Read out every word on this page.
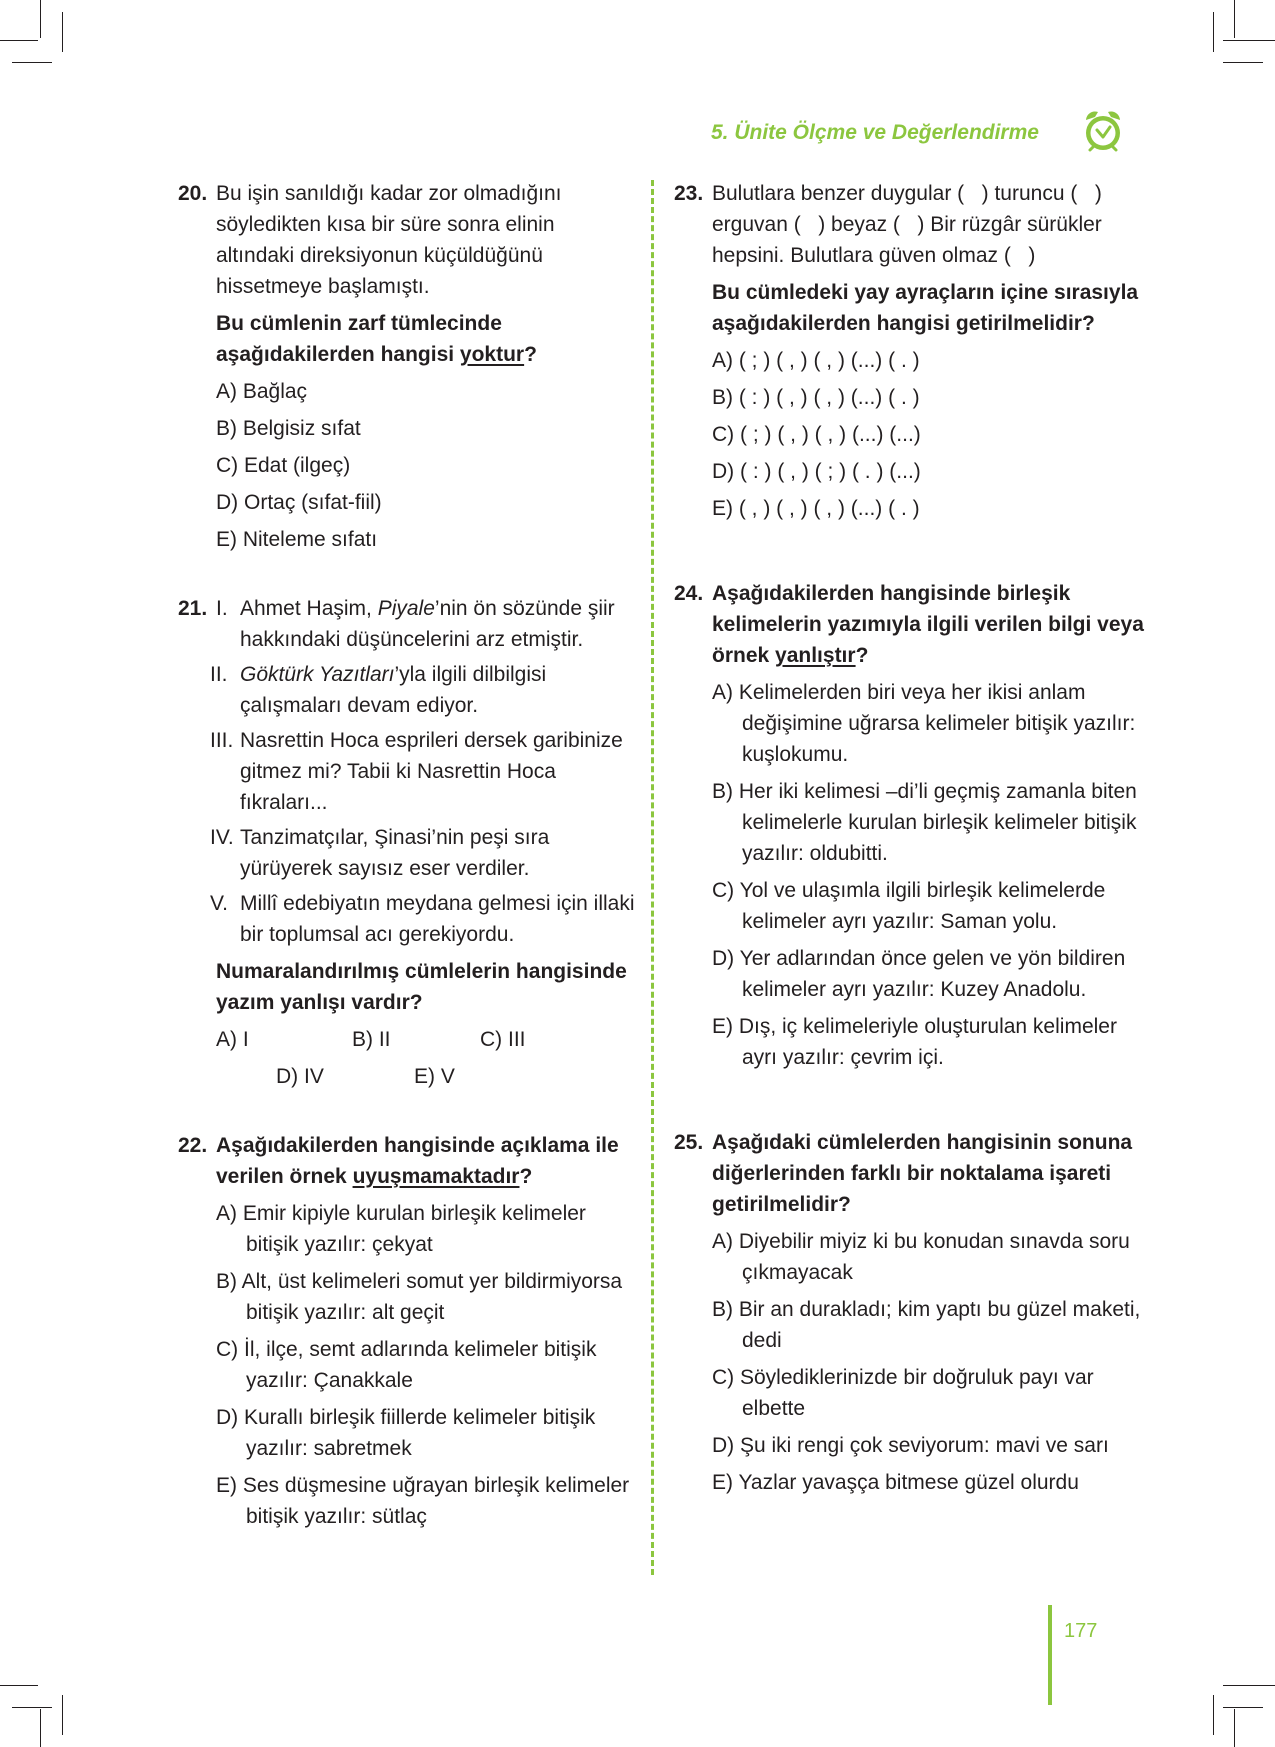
5. Ünite Ölçme ve Değerlendirme
20. Bu işin sanıldığı kadar zor olmadığını söyledikten kısa bir süre sonra elinin altındaki direksiyonun küçüldüğünü hissetmeye başlamıştı.

Bu cümlenin zarf tümlecinde aşağıdakilerden hangisi yoktur?

A) Bağlaç

B) Belgisiz sıfat

C) Edat (ilgeç)

D) Ortaç (sıfat-fiil)

E) Niteleme sıfatı

21. I. Ahmet Haşim, Piyale’nin ön sözünde şiir hakkındaki düşüncelerini arz etmiştir.

II. Göktürk Yazıtları’yla ilgili dilbilgisi çalışmaları devam ediyor.

III. Nasrettin Hoca esprileri dersek garibinize gitmez mi? Tabii ki Nasrettin Hoca fıkraları...

IV. Tanzimatçılar, Şinasi’nin peşi sıra yürüyerek sayısız eser verdiler.

V. Millî edebiyatın meydana gelmesi için illaki bir toplumsal acı gerekiyordu.

Numaralandırılmış cümlelerin hangisinde yazım yanlışı vardır?

A) I	B) II	C) III

D) IV	E) V

22. Aşağıdakilerden hangisinde açıklama ile verilen örnek uyuşmamaktadır?

A) Emir kipiyle kurulan birleşik kelimeler bitişik yazılır: çekyat

B) Alt, üst kelimeleri somut yer bildirmiyorsa bitişik yazılır: alt geçit

C) İl, ilçe, semt adlarında kelimeler bitişik yazılır: Çanakkale

D) Kurallı birleşik fiillerde kelimeler bitişik yazılır: sabretmek

E) Ses düşmesine uğrayan birleşik kelimeler bitişik yazılır: sütlaç

23. Bulutlara benzer duygular (   ) turuncu (   ) erguvan (   ) beyaz (   ) Bir rüzgâr sürükler hepsini. Bulutlara güven olmaz (   )

Bu cümledeki yay ayraçların içine sırasıyla aşağıdakilerden hangisi getirilmelidir?

A) ( ; ) ( , ) ( , ) (...) ( . )

B) ( : ) ( , ) ( , ) (...) ( . )

C) ( ; ) ( , ) ( , ) (...) (...)

D) ( : ) ( , ) ( ; ) ( . ) (...)

E) ( , ) ( , ) ( , ) (...) ( . )

24. Aşağıdakilerden hangisinde birleşik kelimelerin yazımıyla ilgili verilen bilgi veya örnek yanlıştır?

A) Kelimelerden biri veya her ikisi anlam değişimine uğrarsa kelimeler bitişik yazılır: kuşlokumu.

B) Her iki kelimesi –di’li geçmiş zamanla biten kelimelerle kurulan birleşik kelimeler bitişik yazılır: oldubitti.

C) Yol ve ulaşımla ilgili birleşik kelimelerde kelimeler ayrı yazılır: Saman yolu.

D) Yer adlarından önce gelen ve yön bildiren kelimeler ayrı yazılır: Kuzey Anadolu.

E) Dış, iç kelimeleriyle oluşturulan kelimeler ayrı yazılır: çevrim içi.

25. Aşağıdaki cümlelerden hangisinin sonuna diğerlerinden farklı bir noktalama işareti getirilmelidir?

A) Diyebilir miyiz ki bu konudan sınavda soru çıkmayacak

B) Bir an durakladı; kim yaptı bu güzel maketi, dedi

C) Söylediklerinizde bir doğruluk payı var elbette

D) Şu iki rengi çok seviyorum: mavi ve sarı

E) Yazlar yavaşça bitmese güzel olurdu

177
